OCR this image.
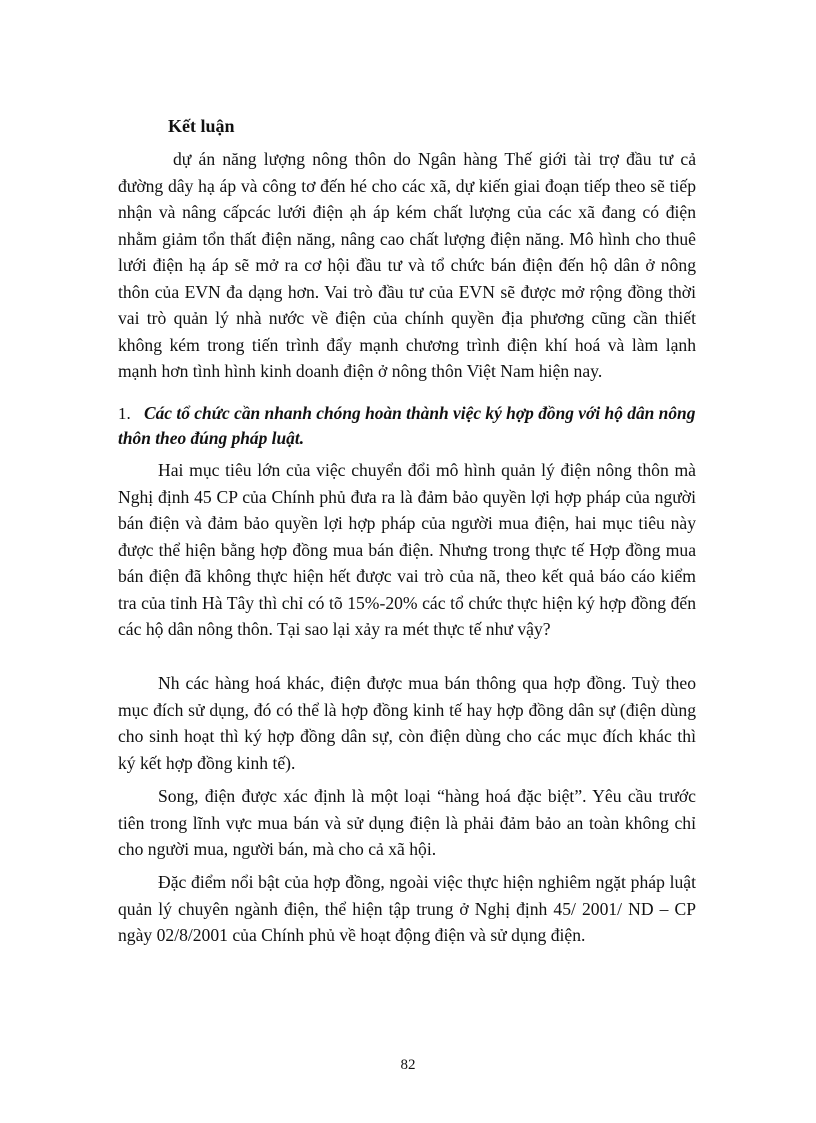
Kết luận

dự án năng lượng nông thôn do Ngân hàng Thế giới tài trợ đầu tư cả đường dây hạ áp và công tơ đến hé cho các xã, dự kiến giai đoạn tiếp theo sẽ tiếp nhận và nâng cấpcác lưới điện ạh áp kém chất lượng của các xã đang có điện nhằm giảm tổn thất điện năng, nâng cao chất lượng điện năng. Mô hình cho thuê lưới điện hạ áp sẽ mở ra cơ hội đầu tư và tổ chức bán điện đến hộ dân ở nông thôn của EVN đa dạng hơn. Vai trò đầu tư của EVN sẽ được mở rộng đồng thời vai trò quản lý nhà nước về điện của chính quyền địa phương cũng cần thiết không kém trong tiến trình đẩy mạnh chương trình điện khí hoá và làm lạnh mạnh hơn tình hình kinh doanh điện ở nông thôn Việt Nam hiện nay.

1. Các tổ chức cần nhanh chóng hoàn thành việc ký hợp đồng với hộ dân nông thôn theo đúng pháp luật.

Hai mục tiêu lớn của việc chuyển đổi mô hình quản lý điện nông thôn mà Nghị định 45 CP của Chính phủ đưa ra là đảm bảo quyền lợi hợp pháp của người bán điện và đảm bảo quyền lợi hợp pháp của người mua điện, hai mục tiêu này được thể hiện bằng hợp đồng mua bán điện. Nhưng trong thực tế Hợp đồng mua bán điện đã không thực hiện hết được vai trò của nã, theo kết quả báo cáo kiểm tra của tỉnh Hà Tây thì chỉ có tõ 15%-20% các tổ chức thực hiện ký hợp đồng đến các hộ dân nông thôn. Tại sao lại xảy ra mét thực tế như vậy?

Nh các hàng hoá khác, điện được mua bán thông qua hợp đồng. Tuỳ theo mục đích sử dụng, đó có thể là hợp đồng kinh tế hay hợp đồng dân sự (điện dùng cho sinh hoạt thì ký hợp đồng dân sự, còn điện dùng cho các mục đích khác thì ký kết hợp đồng kinh tế).

Song, điện được xác định là một loại “hàng hoá đặc biệt”. Yêu cầu trước tiên trong lĩnh vực mua bán và sử dụng điện là phải đảm bảo an toàn không chỉ cho người mua, người bán, mà cho cả xã hội.

Đặc điểm nổi bật của hợp đồng, ngoài việc thực hiện nghiêm ngặt pháp luật quản lý chuyên ngành điện, thể hiện tập trung ở Nghị định 45/ 2001/ ND – CP ngày 02/8/2001 của Chính phủ về hoạt động điện và sử dụng điện.

82
